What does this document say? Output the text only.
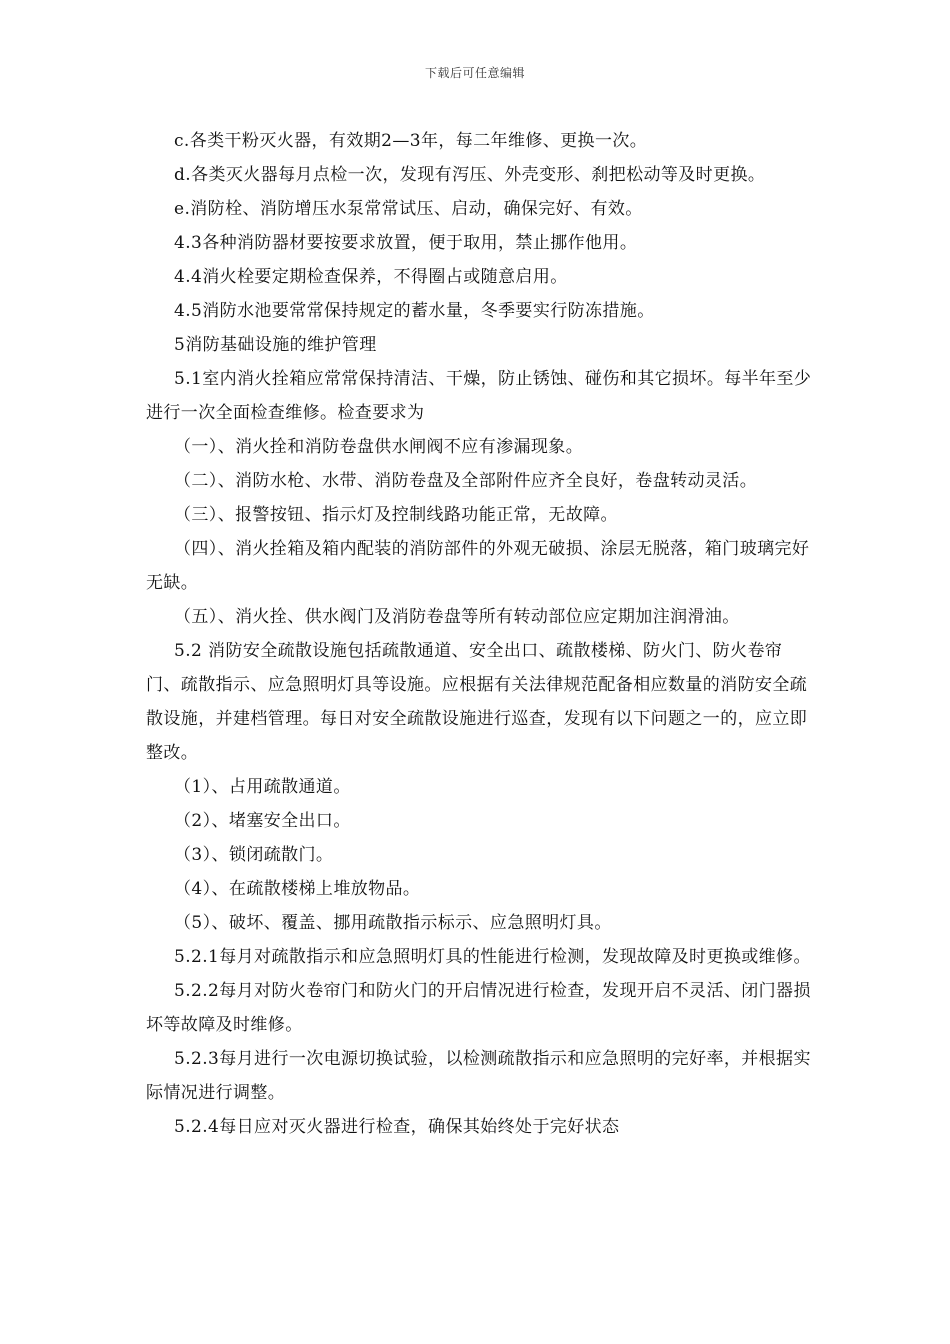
下载后可任意编辑

c.各类干粉灭火器，有效期2—3年，每二年维修、更换一次。

d.各类灭火器每月点检一次，发现有泻压、外壳变形、刹把松动等及时更换。

e.消防栓、消防增压水泵常常试压、启动，确保完好、有效。

4.3各种消防器材要按要求放置，便于取用，禁止挪作他用。

4.4消火栓要定期检查保养，不得圈占或随意启用。

4.5消防水池要常常保持规定的蓄水量，冬季要实行防冻措施。

5消防基础设施的维护管理

5.1室内消火拴箱应常常保持清洁、干燥，防止锈蚀、碰伤和其它损坏。每半年至少进行一次全面检查维修。检查要求为

（一）、消火拴和消防卷盘供水闸阀不应有渗漏现象。

（二）、消防水枪、水带、消防卷盘及全部附件应齐全良好，卷盘转动灵活。

（三）、报警按钮、指示灯及控制线路功能正常，无故障。

（四）、消火拴箱及箱内配装的消防部件的外观无破损、涂层无脱落，箱门玻璃完好无缺。

（五）、消火拴、供水阀门及消防卷盘等所有转动部位应定期加注润滑油。

5.2 消防安全疏散设施包括疏散通道、安全出口、疏散楼梯、防火门、防火卷帘门、疏散指示、应急照明灯具等设施。应根据有关法律规范配备相应数量的消防安全疏散设施，并建档管理。每日对安全疏散设施进行巡查，发现有以下问题之一的，应立即整改。

（1）、占用疏散通道。

（2）、堵塞安全出口。

（3）、锁闭疏散门。

（4）、在疏散楼梯上堆放物品。

（5）、破坏、覆盖、挪用疏散指示标示、应急照明灯具。

5.2.1每月对疏散指示和应急照明灯具的性能进行检测，发现故障及时更换或维修。

5.2.2每月对防火卷帘门和防火门的开启情况进行检查，发现开启不灵活、闭门器损坏等故障及时维修。

5.2.3每月进行一次电源切换试验，以检测疏散指示和应急照明的完好率，并根据实际情况进行调整。

5.2.4每日应对灭火器进行检查，确保其始终处于完好状态
